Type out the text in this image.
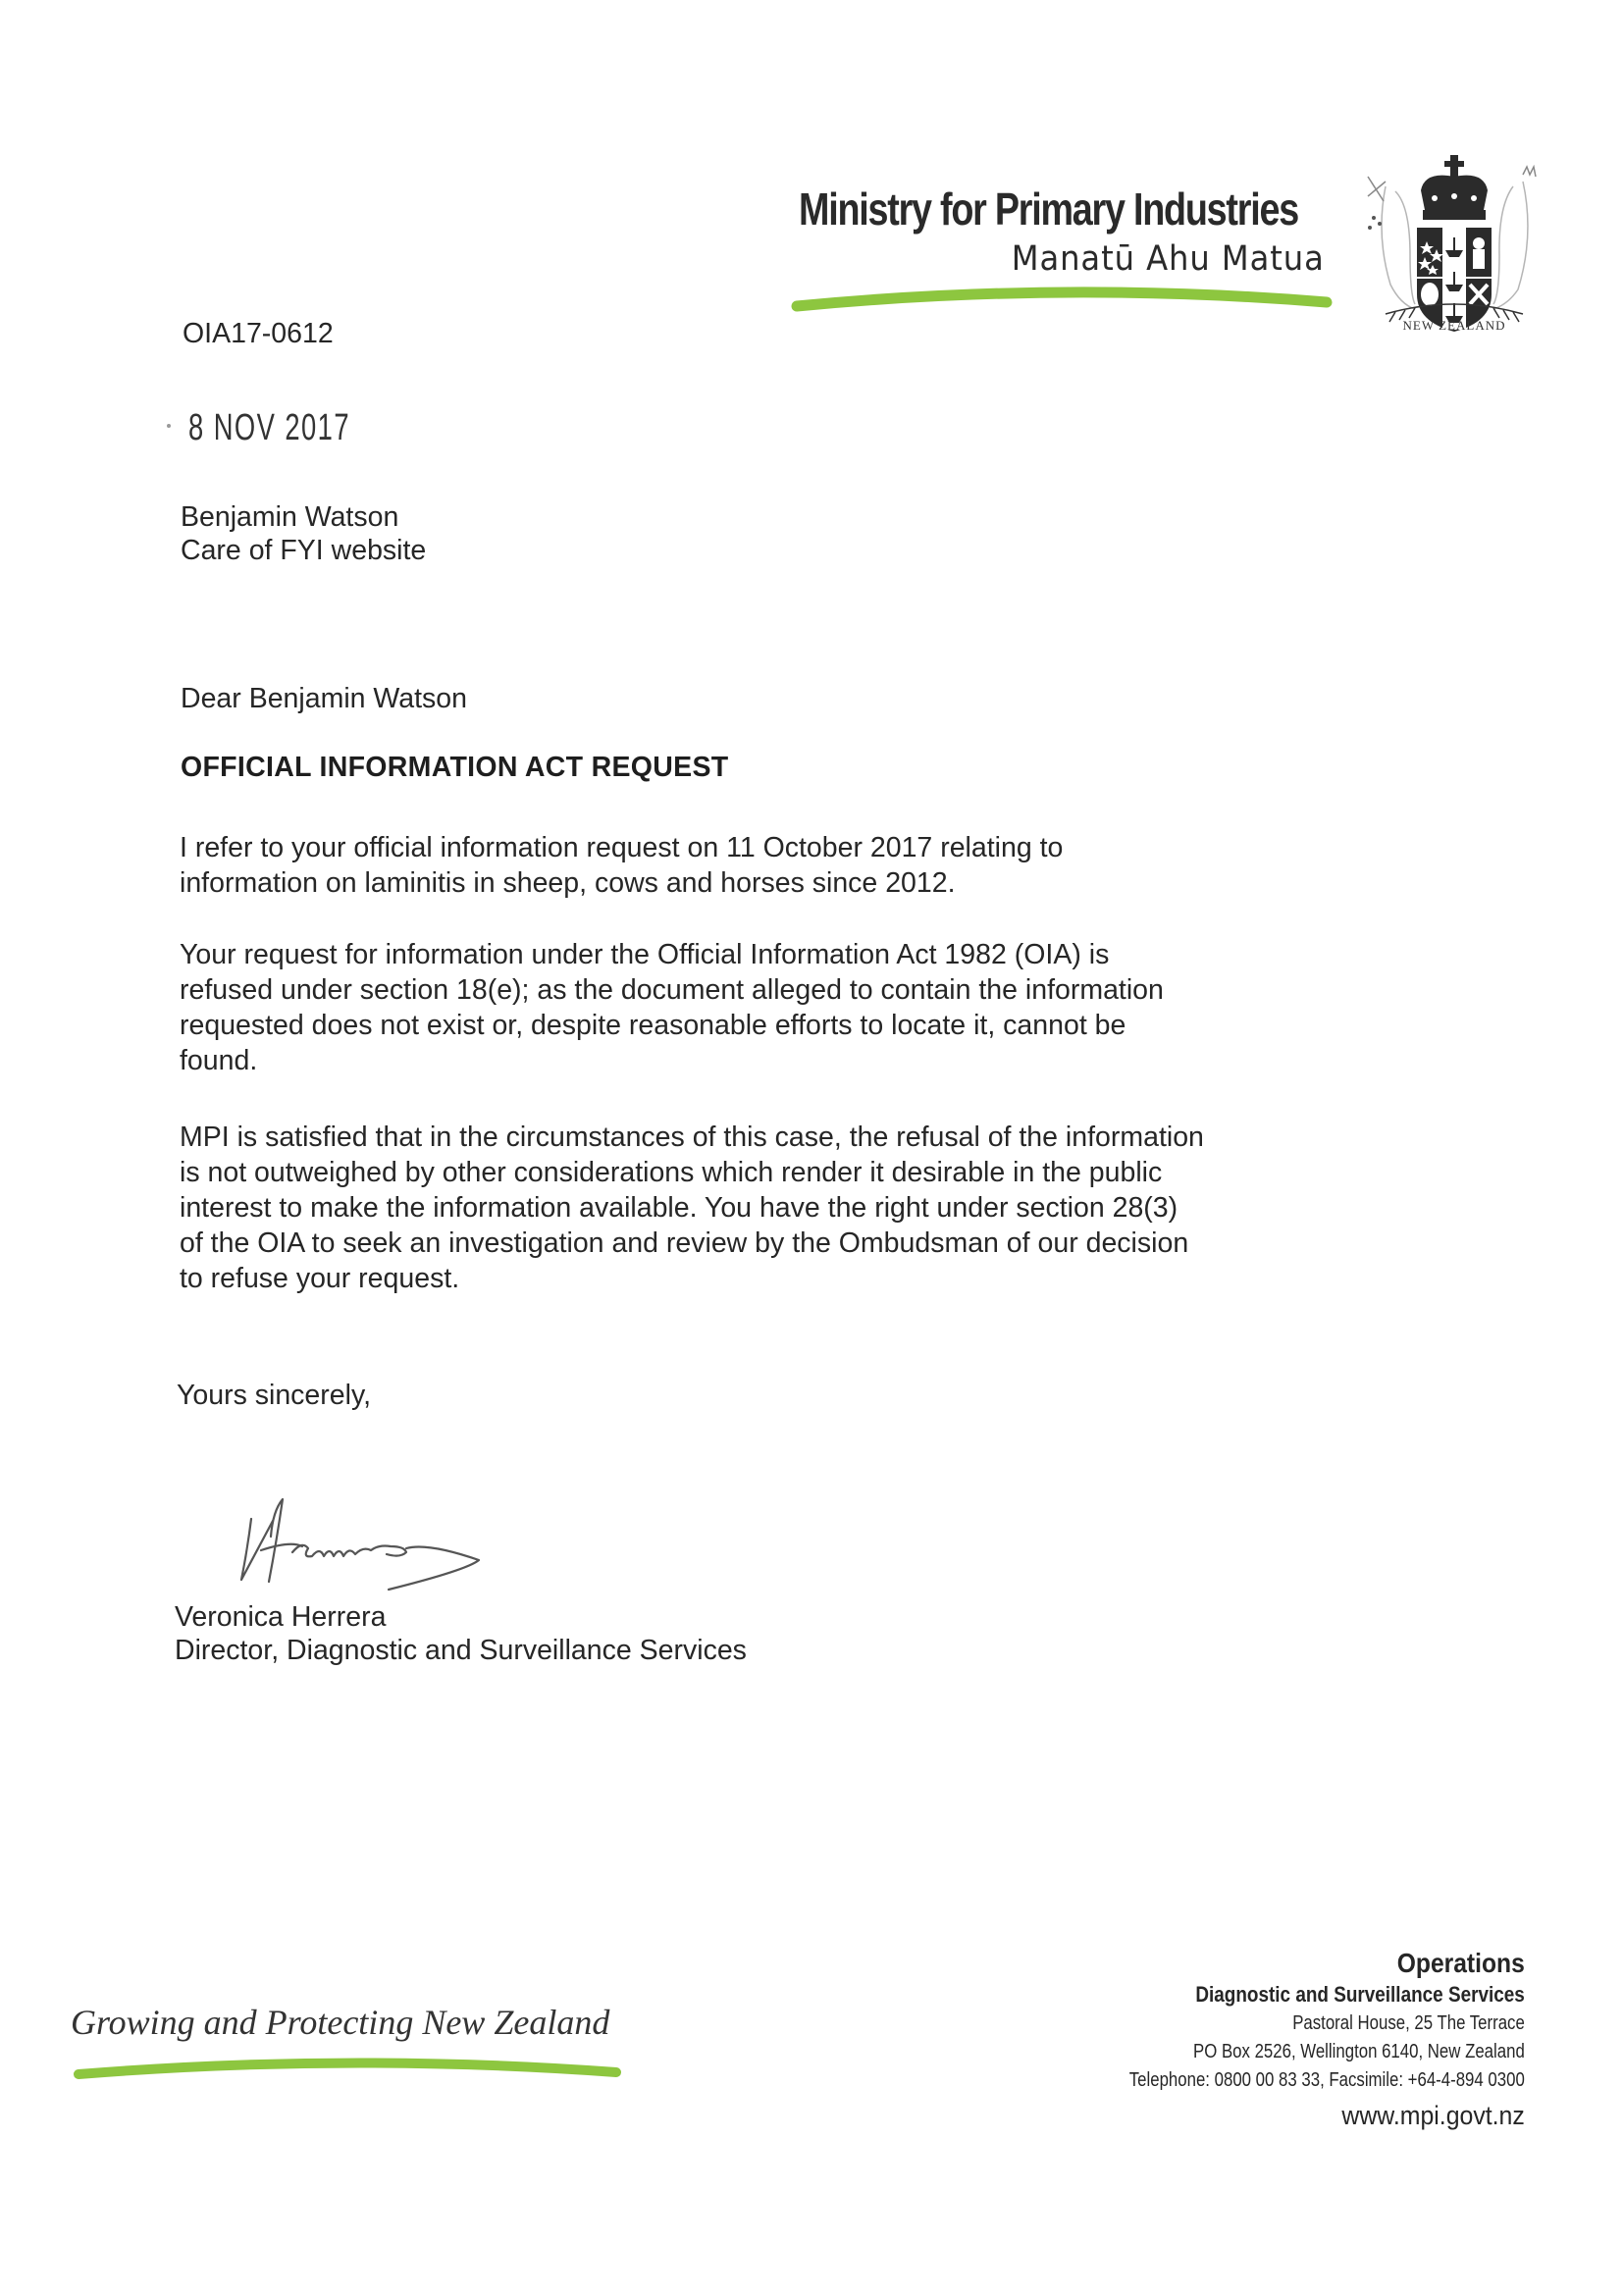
Ministry for Primary Industries
Manatū Ahu Matua
NEW ZEALAND
OIA17-0612
8 NOV 2017
Benjamin Watson
Care of FYI website
Dear Benjamin Watson
OFFICIAL INFORMATION ACT REQUEST
I refer to your official information request on 11 October 2017 relating to
information on laminitis in sheep, cows and horses since 2012.
Your request for information under the Official Information Act 1982 (OIA) is
refused under section 18(e); as the document alleged to contain the information
requested does not exist or, despite reasonable efforts to locate it, cannot be
found.
MPI is satisfied that in the circumstances of this case, the refusal of the information
is not outweighed by other considerations which render it desirable in the public
interest to make the information available. You have the right under section 28(3)
of the OIA to seek an investigation and review by the Ombudsman of our decision
to refuse your request.
Yours sincerely,
Veronica Herrera
Director, Diagnostic and Surveillance Services
Growing and Protecting New Zealand
Operations
Diagnostic and Surveillance Services
Pastoral House, 25 The Terrace
PO Box 2526, Wellington 6140, New Zealand
Telephone: 0800 00 83 33, Facsimile: +64-4-894 0300
www.mpi.govt.nz
